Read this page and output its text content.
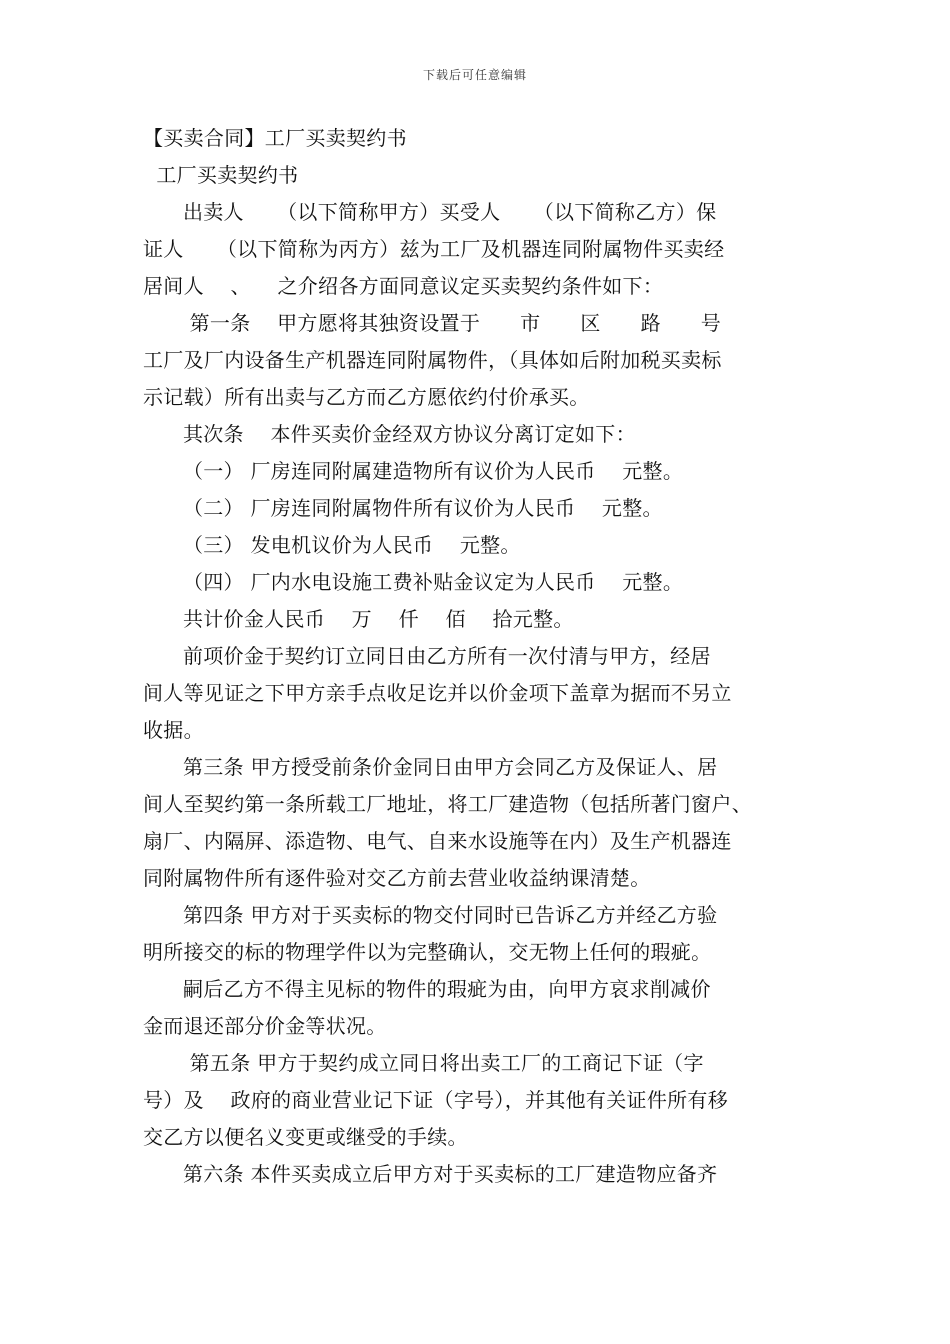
下载后可任意编辑
【买卖合同】工厂买卖契约书
工厂买卖契约书
出卖人     （以下简称甲方）买受人     （以下简称乙方）保
证人     （以下简称为丙方）兹为工厂及机器连同附属物件买卖经
居间人    、    之介绍各方面同意议定买卖契约条件如下：
第一条    甲方愿将其独资设置于      市      区      路      号
工厂及厂内设备生产机器连同附属物件，（具体如后附加税买卖标
示记载）所有出卖与乙方而乙方愿依约付价承买。
其次条    本件买卖价金经双方协议分离订定如下：
（一） 厂房连同附属建造物所有议价为人民币    元整。
（二） 厂房连同附属物件所有议价为人民币    元整。
（三） 发电机议价为人民币    元整。
（四） 厂内水电设施工费补贴金议定为人民币    元整。
共计价金人民币    万    仟    佰    拾元整。
前项价金于契约订立同日由乙方所有一次付清与甲方，经居
间人等见证之下甲方亲手点收足讫并以价金项下盖章为据而不另立
收据。
第三条 甲方授受前条价金同日由甲方会同乙方及保证人、居
间人至契约第一条所载工厂地址，将工厂建造物（包括所著门窗户、
扇厂、内隔屏、添造物、电气、自来水设施等在内）及生产机器连
同附属物件所有逐件验对交乙方前去营业收益纳课清楚。
第四条 甲方对于买卖标的物交付同时已告诉乙方并经乙方验
明所接交的标的物理学件以为完整确认，交无物上任何的瑕疵。
嗣后乙方不得主见标的物件的瑕疵为由，向甲方哀求削减价
金而退还部分价金等状况。
第五条 甲方于契约成立同日将出卖工厂的工商记下证（字
号）及    政府的商业营业记下证（字号），并其他有关证件所有移
交乙方以便名义变更或继受的手续。
第六条 本件买卖成立后甲方对于买卖标的工厂建造物应备齐
